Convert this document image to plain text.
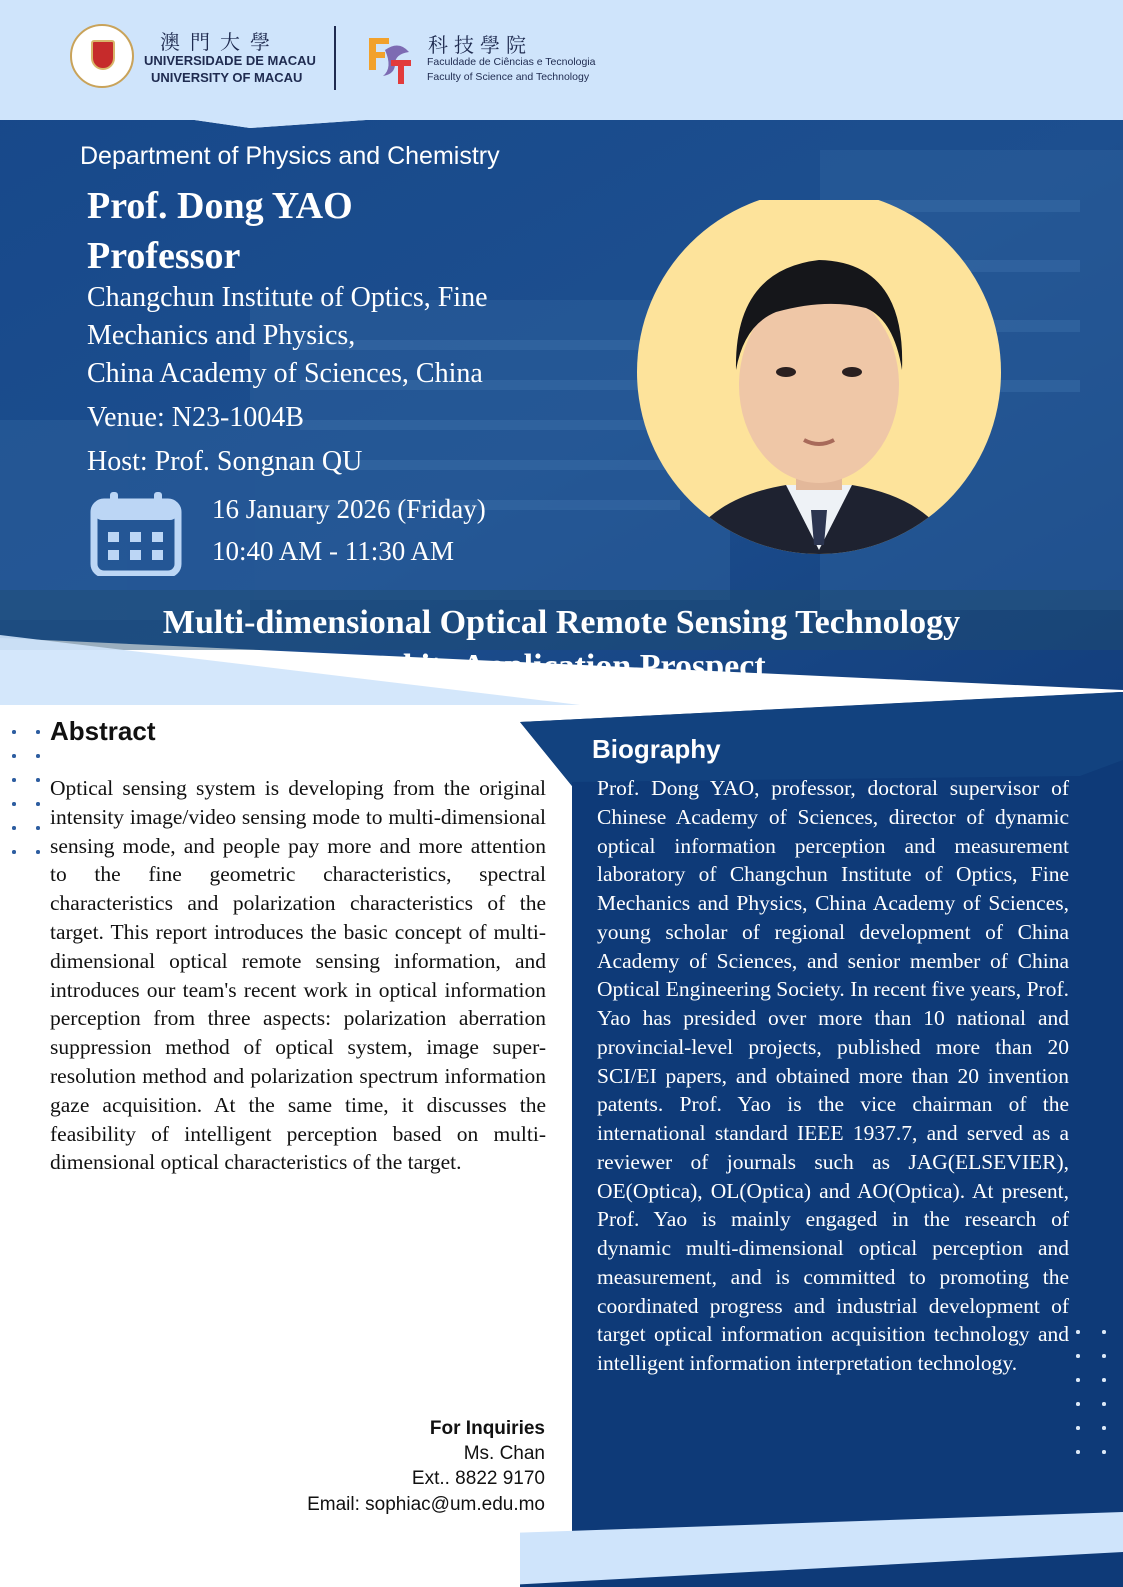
澳門大學
UNIVERSIDADE DE MACAU
UNIVERSITY OF MACAU
科技學院
Faculdade de Ciências e Tecnologia
Faculty of Science and Technology
Department of Physics and Chemistry
Prof. Dong YAO
Professor
Changchun Institute of Optics, Fine
Mechanics and Physics,
China Academy of Sciences, China
Venue: N23-1004B
Host: Prof. Songnan QU
16 January 2026 (Friday)
10:40 AM - 11:30 AM
Multi-dimensional Optical Remote Sensing Technology
and its Application Prospect
Abstract
Optical sensing system is developing from the original intensity image/video sensing mode to multi-dimensional sensing mode, and people pay more and more attention to the fine geometric characteristics, spectral characteristics and polarization characteristics of the target. This report introduces the basic concept of multi-dimensional optical remote sensing information, and introduces our team's recent work in optical information perception from three aspects: polarization aberration suppression method of optical system, image super-resolution method and polarization spectrum information gaze acquisition. At the same time, it discusses the feasibility of intelligent perception based on multi-dimensional optical characteristics of the target.
Biography
Prof. Dong YAO, professor, doctoral supervisor of Chinese Academy of Sciences, director of dynamic optical information perception and measurement laboratory of Changchun Institute of Optics, Fine Mechanics and Physics, China Academy of Sciences, young scholar of regional development of China Academy of Sciences, and senior member of China Optical Engineering Society. In recent five years, Prof. Yao has presided over more than 10 national and provincial-level projects, published more than 20 SCI/EI papers, and obtained more than 20 invention patents. Prof. Yao is the vice chairman of the international standard IEEE 1937.7, and served as a reviewer of journals such as JAG(ELSEVIER), OE(Optica), OL(Optica) and AO(Optica). At present, Prof. Yao is mainly engaged in the research of dynamic multi-dimensional optical perception and measurement, and is committed to promoting the coordinated progress and industrial development of target optical information acquisition technology and intelligent information interpretation technology.
For Inquiries
Ms. Chan
Ext.. 8822 9170
Email: sophiac@um.edu.mo
